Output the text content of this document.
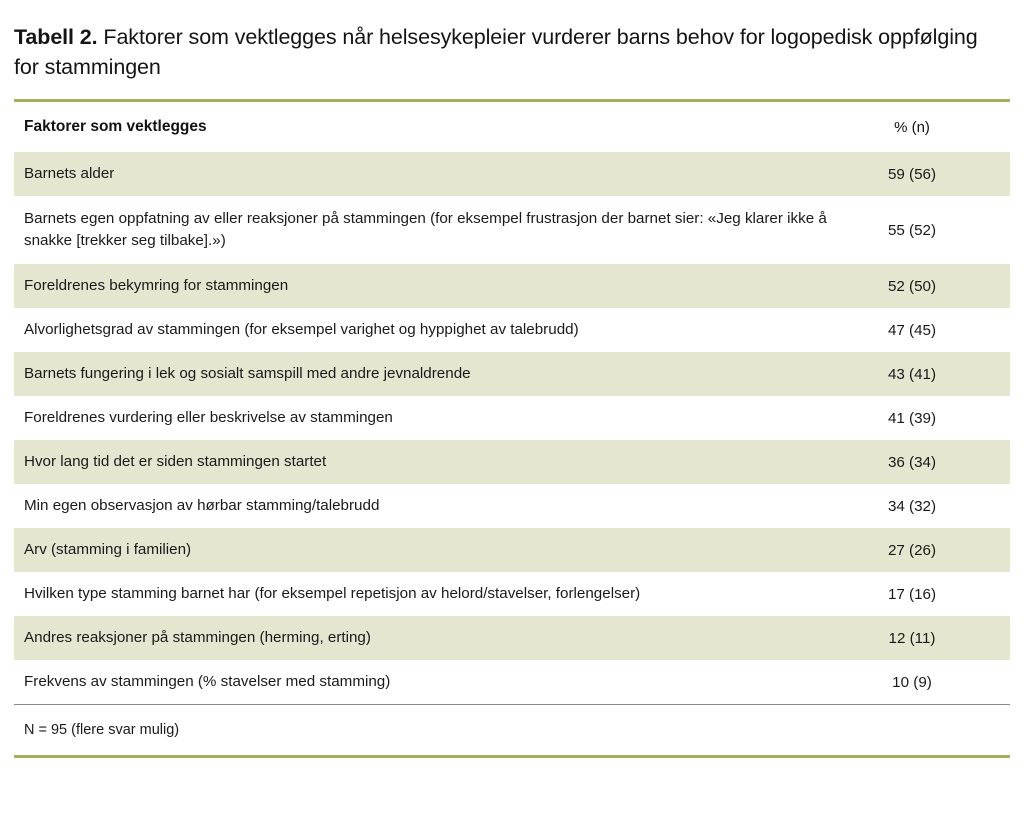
Tabell 2. Faktorer som vektlegges når helsesykepleier vurderer barns behov for logopedisk oppfølging for stammingen
Faktorer som vektlegges	% (n)
Barnets alder	59 (56)
Barnets egen oppfatning av eller reaksjoner på stammingen (for eksempel frustrasjon der barnet sier: «Jeg klarer ikke å snakke [trekker seg tilbake].»)	55 (52)
Foreldrenes bekymring for stammingen	52 (50)
Alvorlighetsgrad av stammingen (for eksempel varighet og hyppighet av talebrudd)	47 (45)
Barnets fungering i lek og sosialt samspill med andre jevnaldrende	43 (41)
Foreldrenes vurdering eller beskrivelse av stammingen	41 (39)
Hvor lang tid det er siden stammingen startet	36 (34)
Min egen observasjon av hørbar stamming/talebrudd	34 (32)
Arv (stamming i familien)	27 (26)
Hvilken type stamming barnet har (for eksempel repetisjon av helord/stavelser, forlengelser)	17 (16)
Andres reaksjoner på stammingen (herming, erting)	12 (11)
Frekvens av stammingen (% stavelser med stamming)	10 (9)
N = 95 (flere svar mulig)
